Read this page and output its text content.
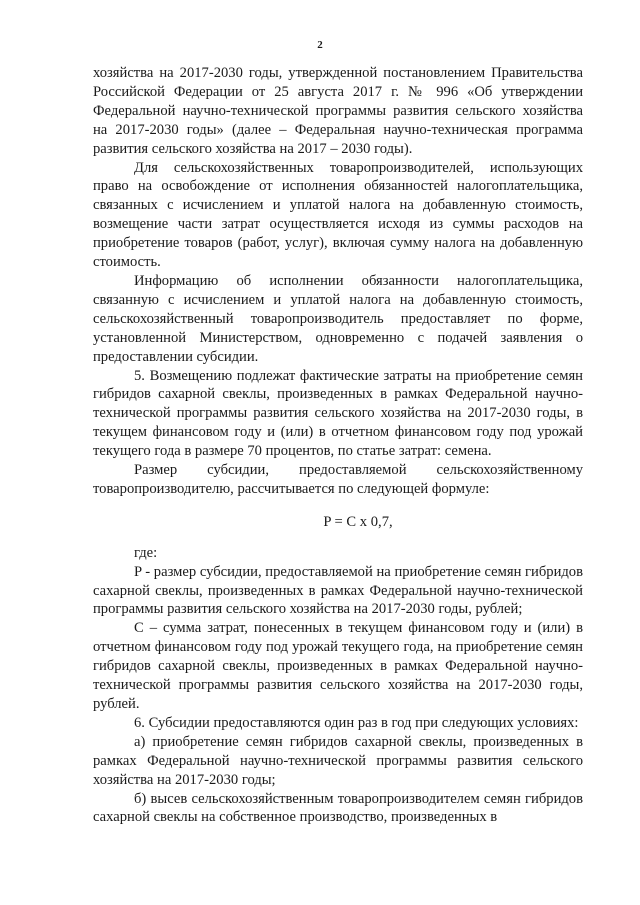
2

хозяйства на 2017-2030 годы, утвержденной постановлением Правительства Российской Федерации от 25 августа 2017 г. № 996 «Об утверждении Федеральной научно-технической программы развития сельского хозяйства на 2017-2030 годы» (далее – Федеральная научно-техническая программа развития сельского хозяйства на 2017 – 2030 годы).

Для сельскохозяйственных товаропроизводителей, использующих право на освобождение от исполнения обязанностей налогоплательщика, связанных с исчислением и уплатой налога на добавленную стоимость, возмещение части затрат осуществляется исходя из суммы расходов на приобретение товаров (работ, услуг), включая сумму налога на добавленную стоимость.

Информацию об исполнении обязанности налогоплательщика, связанную с исчислением и уплатой налога на добавленную стоимость, сельскохозяйственный товаропроизводитель предоставляет по форме, установленной Министерством, одновременно с подачей заявления о предоставлении субсидии.

5. Возмещению подлежат фактические затраты на приобретение семян гибридов сахарной свеклы, произведенных в рамках Федеральной научно-технической программы развития сельского хозяйства на 2017-2030 годы, в текущем финансовом году и (или) в отчетном финансовом году под урожай текущего года в размере 70 процентов, по статье затрат: семена.

Размер субсидии, предоставляемой сельскохозяйственному товаропроизводителю, рассчитывается по следующей формуле:

P = C x 0,7,

где:

P - размер субсидии, предоставляемой на приобретение семян гибридов сахарной свеклы, произведенных в рамках Федеральной научно-технической программы развития сельского хозяйства на 2017-2030 годы, рублей;

C – сумма затрат, понесенных в текущем финансовом году и (или) в отчетном финансовом году под урожай текущего года, на приобретение семян гибридов сахарной свеклы, произведенных в рамках Федеральной научно-технической программы развития сельского хозяйства на 2017-2030 годы, рублей.

6. Субсидии предоставляются один раз в год при следующих условиях:

а) приобретение семян гибридов сахарной свеклы, произведенных в рамках Федеральной научно-технической программы развития сельского хозяйства на 2017-2030 годы;

б) высев сельскохозяйственным товаропроизводителем семян гибридов сахарной свеклы на собственное производство, произведенных в
